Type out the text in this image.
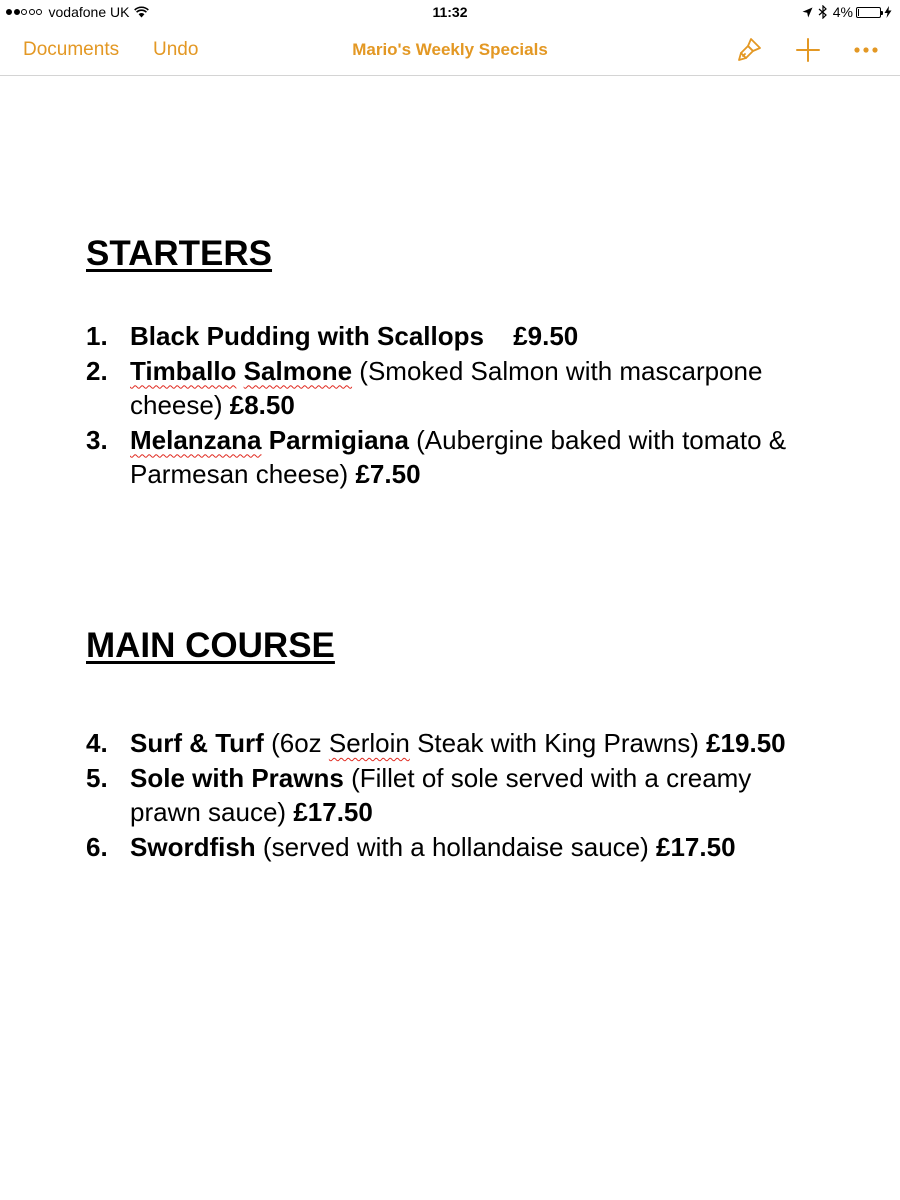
vodafone UK	11:32	4%
Documents Undo	Mario's Weekly Specials
STARTERS
1. Black Pudding with Scallops £9.50
2. Timballo Salmone (Smoked Salmon with mascarpone cheese) £8.50
3. Melanzana Parmigiana (Aubergine baked with tomato & Parmesan cheese) £7.50
MAIN COURSE
4. Surf & Turf (6oz Serloin Steak with King Prawns) £19.50
5. Sole with Prawns (Fillet of sole served with a creamy prawn sauce) £17.50
6. Swordfish (served with a hollandaise sauce) £17.50
